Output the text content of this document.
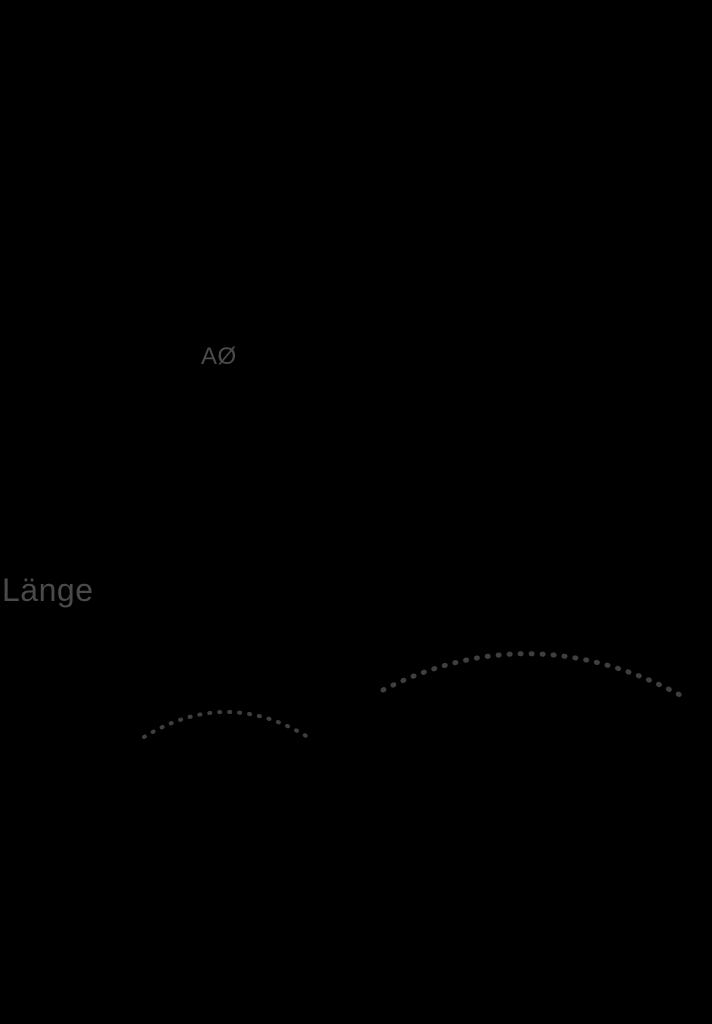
AØ
Länge
